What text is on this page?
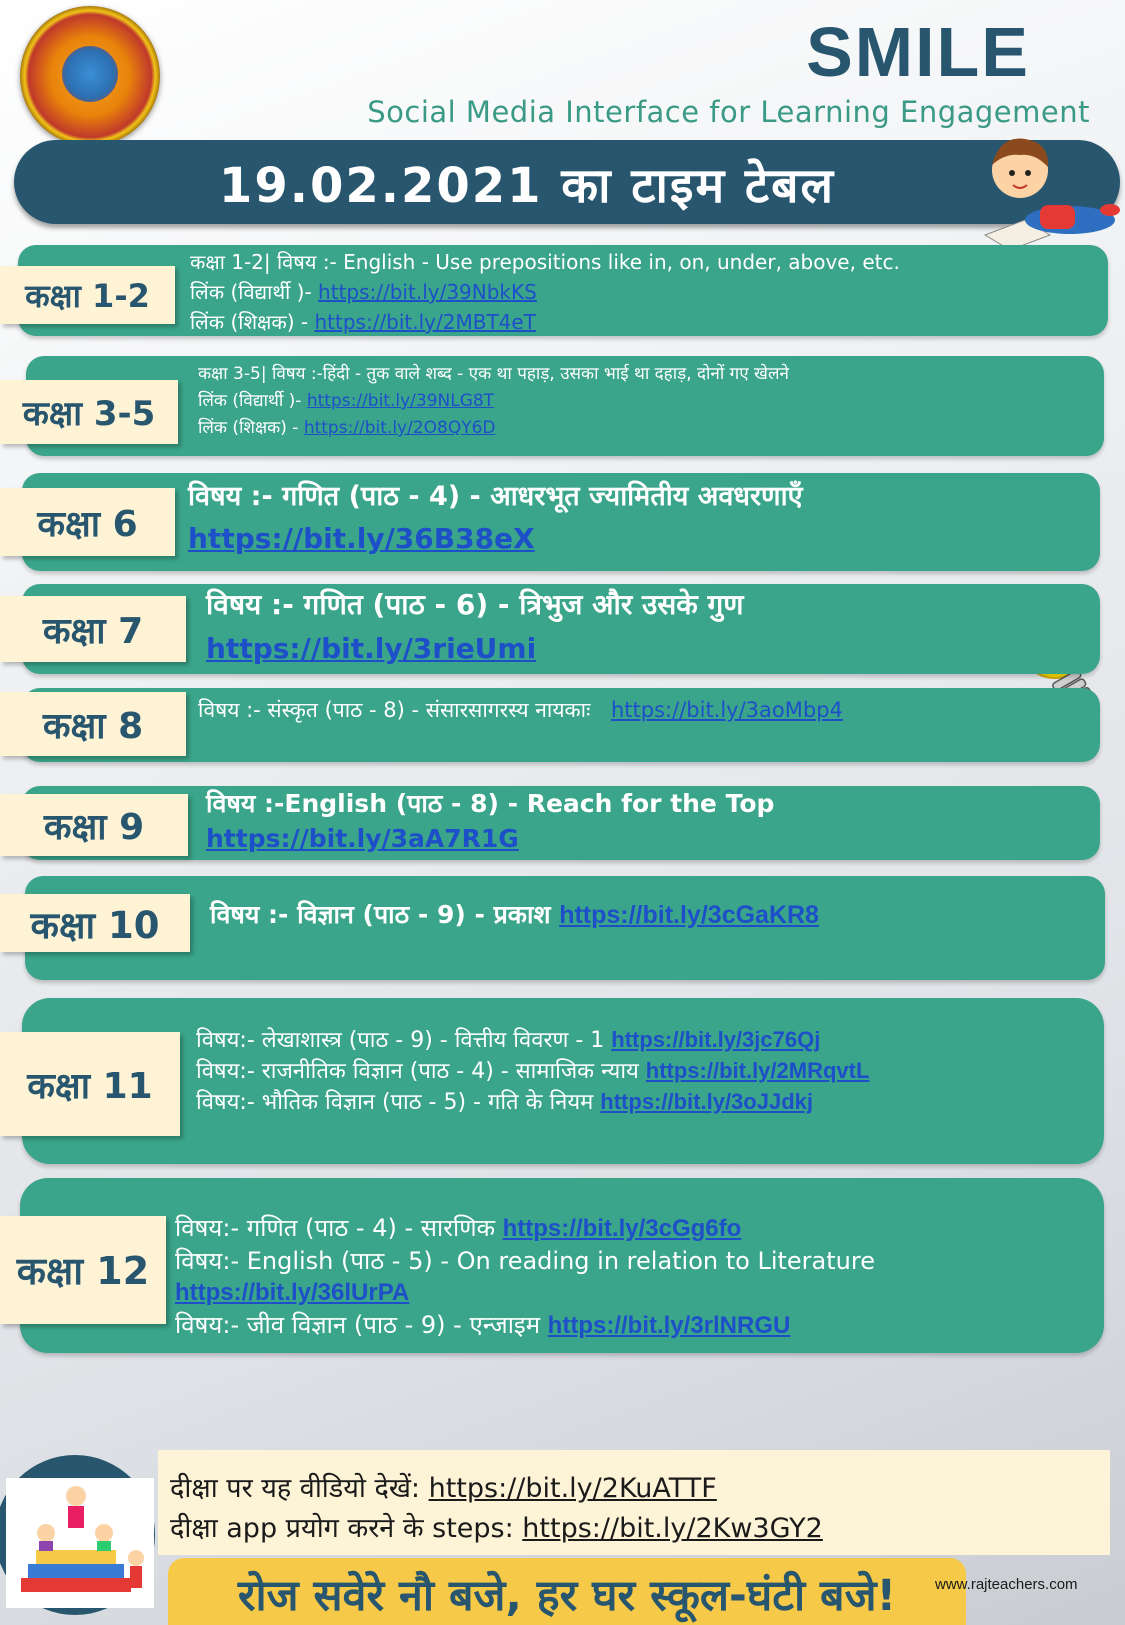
SMILE
Social Media Interface for Learning Engagement
19.02.2021 का टाइम टेबल
कक्षा 1-2
कक्षा 1-2| विषय :- English - Use prepositions like in, on, under, above, etc.
लिंक (विद्यार्थी )- https://bit.ly/39NbkKS
लिंक (शिक्षक) - https://bit.ly/2MBT4eT
कक्षा 3-5
कक्षा 3-5| विषय :-हिंदी - तुक वाले शब्द - एक था पहाड़, उसका भाई था दहाड़, दोनों गए खेलने
लिंक (विद्यार्थी )- https://bit.ly/39NLG8T
लिंक (शिक्षक) - https://bit.ly/2O8QY6D
कक्षा 6
विषय :- गणित (पाठ - 4) - आधरभूत ज्यामितीय अवधरणाएँ
https://bit.ly/36B38eX
कक्षा 7
विषय :- गणित (पाठ - 6) - त्रिभुज और उसके गुण
https://bit.ly/3rieUmi
कक्षा 8	विषय :- संस्कृत (पाठ - 8) - संसारसागरस्य नायकाः https://bit.ly/3aoMbp4
कक्षा 9
विषय :-English (पाठ - 8) - Reach for the Top
https://bit.ly/3aA7R1G
कक्षा 10 विषय :- विज्ञान (पाठ - 9) - प्रकाश https://bit.ly/3cGaKR8
कक्षा 11
विषय:- लेखाशास्त्र (पाठ - 9) - वित्तीय विवरण - 1 https://bit.ly/3jc76Qj
विषय:- राजनीतिक विज्ञान (पाठ - 4) - सामाजिक न्याय https://bit.ly/2MRqvtL
विषय:- भौतिक विज्ञान (पाठ - 5) - गति के नियम https://bit.ly/3oJJdkj
कक्षा 12
विषय:- गणित (पाठ - 4) - सारणिक https://bit.ly/3cGg6fo
विषय:- English (पाठ - 5) - On reading in relation to Literature
https://bit.ly/36lUrPA
विषय:- जीव विज्ञान (पाठ - 9) - एन्जाइम https://bit.ly/3rlNRGU
दीक्षा पर यह वीडियो देखें: https://bit.ly/2KuATTF
दीक्षा app प्रयोग करने के steps: https://bit.ly/2Kw3GY2
रोज सवेरे नौ बजे, हर घर स्कूल-घंटी बजे!	www.rajteachers.com
